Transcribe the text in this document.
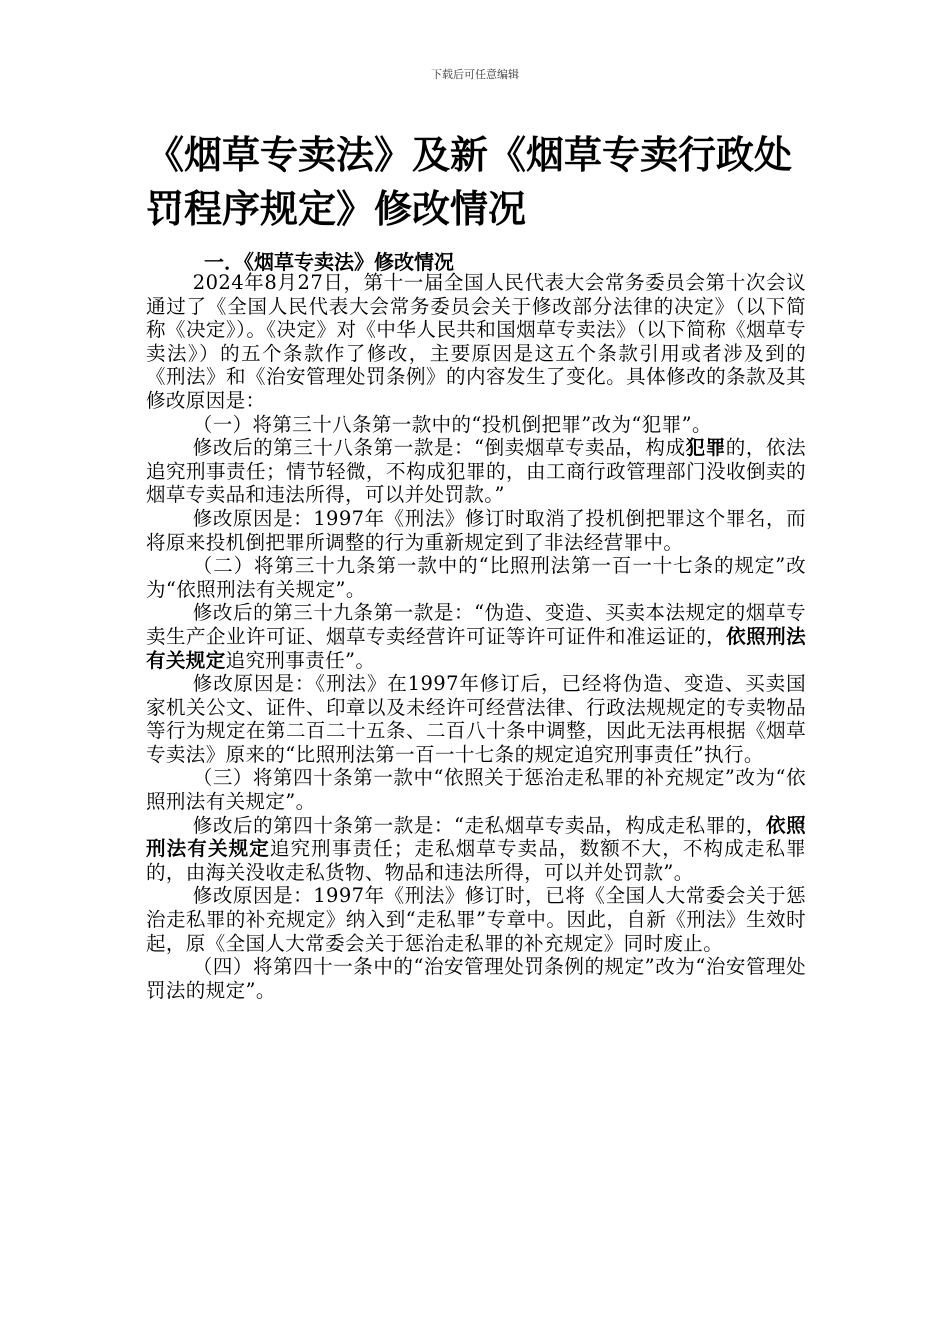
下载后可任意编辑
《烟草专卖法》及新《烟草专卖行政处罚程序规定》修改情况
一．《烟草专卖法》修改情况

2024年8月27日，第十一届全国人民代表大会常务委员会第十次会议通过了《全国人民代表大会常务委员会关于修改部分法律的决定》（以下简称《决定》）。《决定》对《中华人民共和国烟草专卖法》（以下简称《烟草专卖法》）的五个条款作了修改，主要原因是这五个条款引用或者涉及到的《刑法》和《治安管理处罚条例》的内容发生了变化。具体修改的条款及其修改原因是：

（一）将第三十八条第一款中的“投机倒把罪”改为“犯罪”。

修改后的第三十八条第一款是：“倒卖烟草专卖品，构成犯罪的，依法追究刑事责任；情节轻微，不构成犯罪的，由工商行政管理部门没收倒卖的烟草专卖品和违法所得，可以并处罚款。”

修改原因是：1997年《刑法》修订时取消了投机倒把罪这个罪名，而将原来投机倒把罪所调整的行为重新规定到了非法经营罪中。

（二）将第三十九条第一款中的“比照刑法第一百一十七条的规定”改为“依照刑法有关规定”。

修改后的第三十九条第一款是：“伪造、变造、买卖本法规定的烟草专卖生产企业许可证、烟草专卖经营许可证等许可证件和准运证的，依照刑法有关规定追究刑事责任”。

修改原因是：《刑法》在1997年修订后，已经将伪造、变造、买卖国家机关公文、证件、印章以及未经许可经营法律、行政法规规定的专卖物品等行为规定在第二百二十五条、二百八十条中调整，因此无法再根据《烟草专卖法》原来的“比照刑法第一百一十七条的规定追究刑事责任”执行。

（三）将第四十条第一款中“依照关于惩治走私罪的补充规定”改为“依照刑法有关规定”。

修改后的第四十条第一款是：“走私烟草专卖品，构成走私罪的，依照刑法有关规定追究刑事责任；走私烟草专卖品，数额不大，不构成走私罪的，由海关没收走私货物、物品和违法所得，可以并处罚款”。

修改原因是：1997年《刑法》修订时，已将《全国人大常委会关于惩治走私罪的补充规定》纳入到“走私罪”专章中。因此，自新《刑法》生效时起，原《全国人大常委会关于惩治走私罪的补充规定》同时废止。

（四）将第四十一条中的“治安管理处罚条例的规定”改为“治安管理处罚法的规定”。
